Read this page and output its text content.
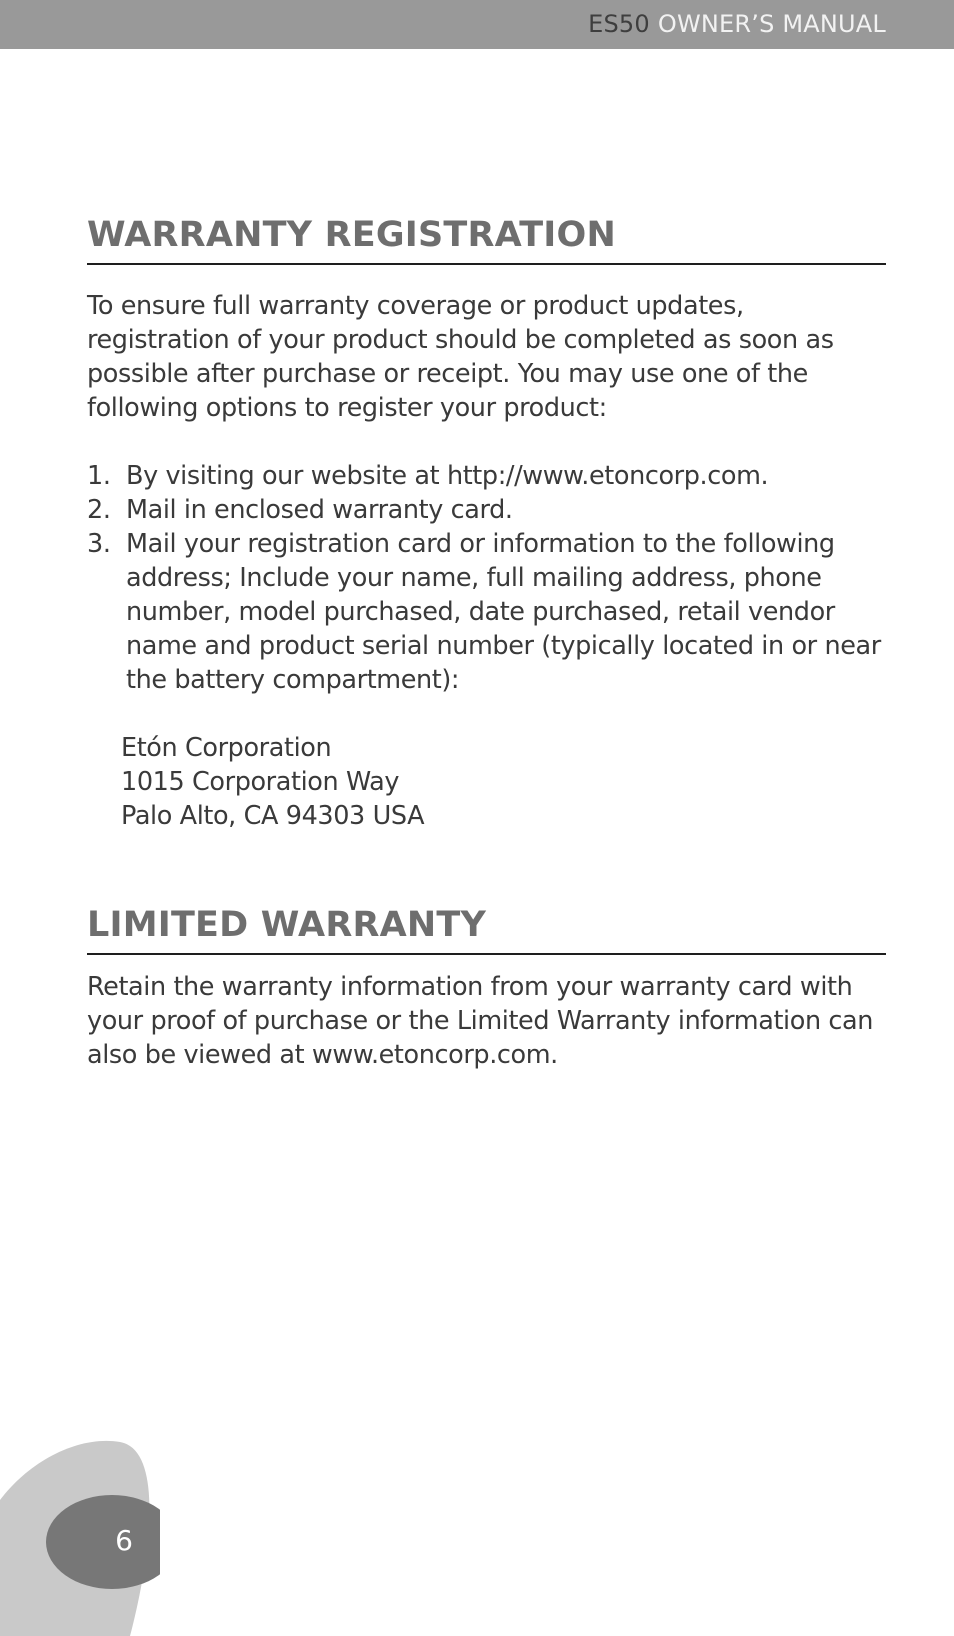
ES50 OWNER’S MANUAL
WARRANTY REGISTRATION

To ensure full warranty coverage or product updates, registration of your product should be completed as soon as possible after purchase or receipt. You may use one of the following options to register your product:

1. By visiting our website at http://www.etoncorp.com.
2. Mail in enclosed warranty card.
3. Mail your registration card or information to the following address; Include your name, full mailing address, phone number, model purchased, date purchased, retail vendor name and product serial number (typically located in or near the battery compartment):
Etón Corporation
1015 Corporation Way
Palo Alto, CA 94303 USA
LIMITED WARRANTY

Retain the warranty information from your warranty card with your proof of purchase or the Limited Warranty information can also be viewed at www.etoncorp.com.

6
